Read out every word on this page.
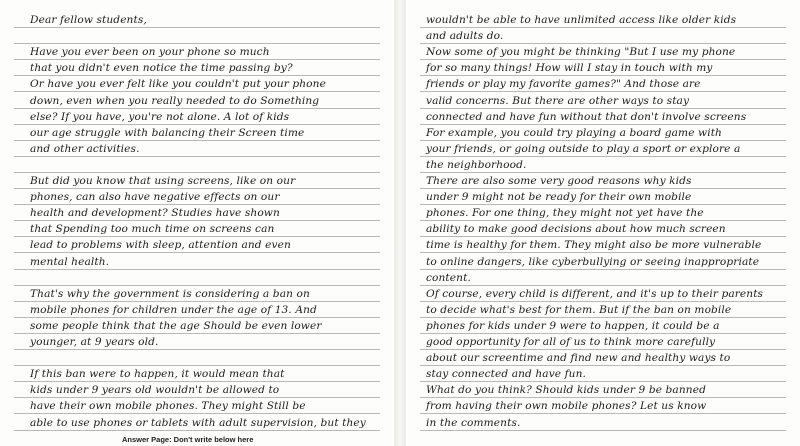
Dear fellow students,
Have you ever been on your phone so much
that you didn't even notice the time passing by?
Or have you ever felt like you couldn't put your phone
down, even when you really needed to do Something
else? If you have, you're not alone. A lot of kids
our age struggle with balancing their Screen time
and other activities.
But did you know that using screens, like on our
phones, can also have negative effects on our
health and development? Studies have shown
that Spending too much time on screens can
lead to problems with sleep, attention and even
mental health.
That's why the government is considering a ban on
mobile phones for children under the age of 13. And
some people think that the age Should be even lower
younger, at 9 years old.
If this ban were to happen, it would mean that
kids under 9 years old wouldn't be allowed to
have their own mobile phones. They might Still be
able to use phones or tablets with adult supervision, but they
Answer Page: Don't write below here
wouldn't be able to have unlimited access like older kids
and adults do.
Now some of you might be thinking "But I use my phone
for so many things! How will I stay in touch with my
friends or play my favorite games?" And those are
valid concerns. But there are other ways to stay
connected and have fun without that don't involve screens
For example, you could try playing a board game with
your friends, or going outside to play a sport or explore a
the neighborhood.
There are also some very good reasons why kids
under 9 might not be ready for their own mobile
phones. For one thing, they might not yet have the
ability to make good decisions about how much screen
time is healthy for them. They might also be more vulnerable
to online dangers, like cyberbullying or seeing inappropriate
content.
Of course, every child is different, and it's up to their parents
to decide what's best for them. But if the ban on mobile
phones for kids under 9 were to happen, it could be a
good opportunity for all of us to think more carefully
about our screentime and find new and healthy ways to
stay connected and have fun.
What do you think? Should kids under 9 be banned
from having their own mobile phones? Let us know
in the comments.
